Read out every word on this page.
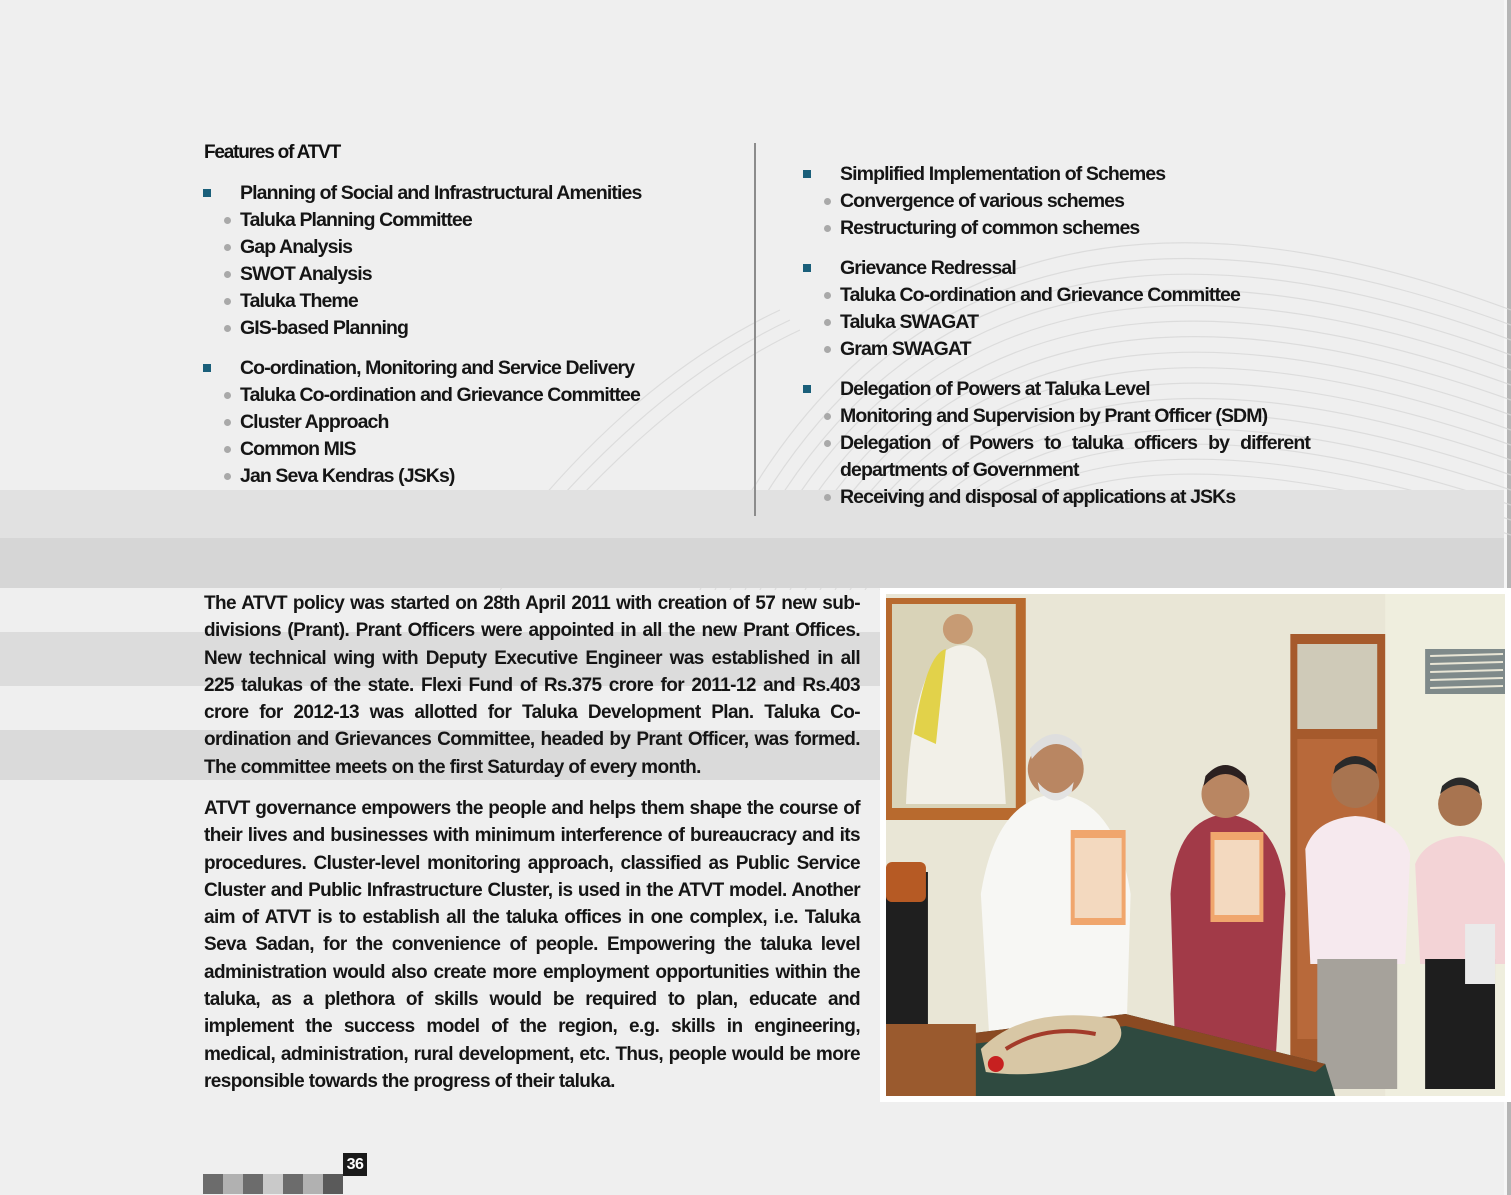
Features of ATVT
Planning of Social and Infrastructural Amenities
Taluka Planning Committee
Gap Analysis
SWOT Analysis
Taluka Theme
GIS-based Planning
Co-ordination, Monitoring and Service Delivery
Taluka Co-ordination and Grievance Committee
Cluster Approach
Common MIS
Jan Seva Kendras (JSKs)
Simplified Implementation of Schemes
Convergence of various schemes
Restructuring of common schemes
Grievance Redressal
Taluka Co-ordination and Grievance Committee
Taluka SWAGAT
Gram SWAGAT
Delegation of Powers at Taluka Level
Monitoring and Supervision by Prant Officer (SDM)
Delegation of Powers to taluka officers by different departments of Government
Receiving and disposal of applications at JSKs

The ATVT policy was started on 28th April 2011 with creation of 57 new sub-divisions (Prant). Prant Officers were appointed in all the new Prant Offices. New technical wing with Deputy Executive Engineer was established in all 225 talukas of the state. Flexi Fund of Rs.375 crore for 2011-12 and Rs.403 crore for 2012-13 was allotted for Taluka Development Plan. Taluka Co-ordination and Grievances Committee, headed by Prant Officer, was formed. The committee meets on the first Saturday of every month.

ATVT governance empowers the people and helps them shape the course of their lives and businesses with minimum interference of bureaucracy and its procedures. Cluster-level monitoring approach, classified as Public Service Cluster and Public Infrastructure Cluster, is used in the ATVT model. Another aim of ATVT is to establish all the taluka offices in one complex, i.e. Taluka Seva Sadan, for the convenience of people. Empowering the taluka level administration would also create more employment opportunities within the taluka, as a plethora of skills would be required to plan, educate and implement the success model of the region, e.g. skills in engineering, medical, administration, rural development, etc. Thus, people would be more responsible towards the progress of their taluka.

36
